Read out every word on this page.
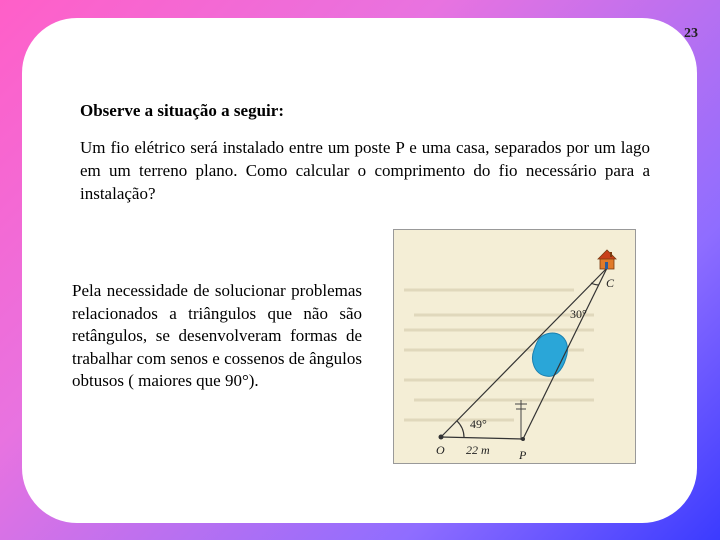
23
Observe a situação a seguir:
Um fio elétrico será instalado entre um poste P e uma casa, separados por um lago em um terreno plano. Como calcular o comprimento do fio necessário para a instalação?
Pela necessidade de solucionar problemas relacionados a triângulos que não são retângulos, se desenvolveram formas de trabalhar com senos e cossenos de ângulos obtusos ( maiores que 90°).
C
O	P
30°
49°
22 m
